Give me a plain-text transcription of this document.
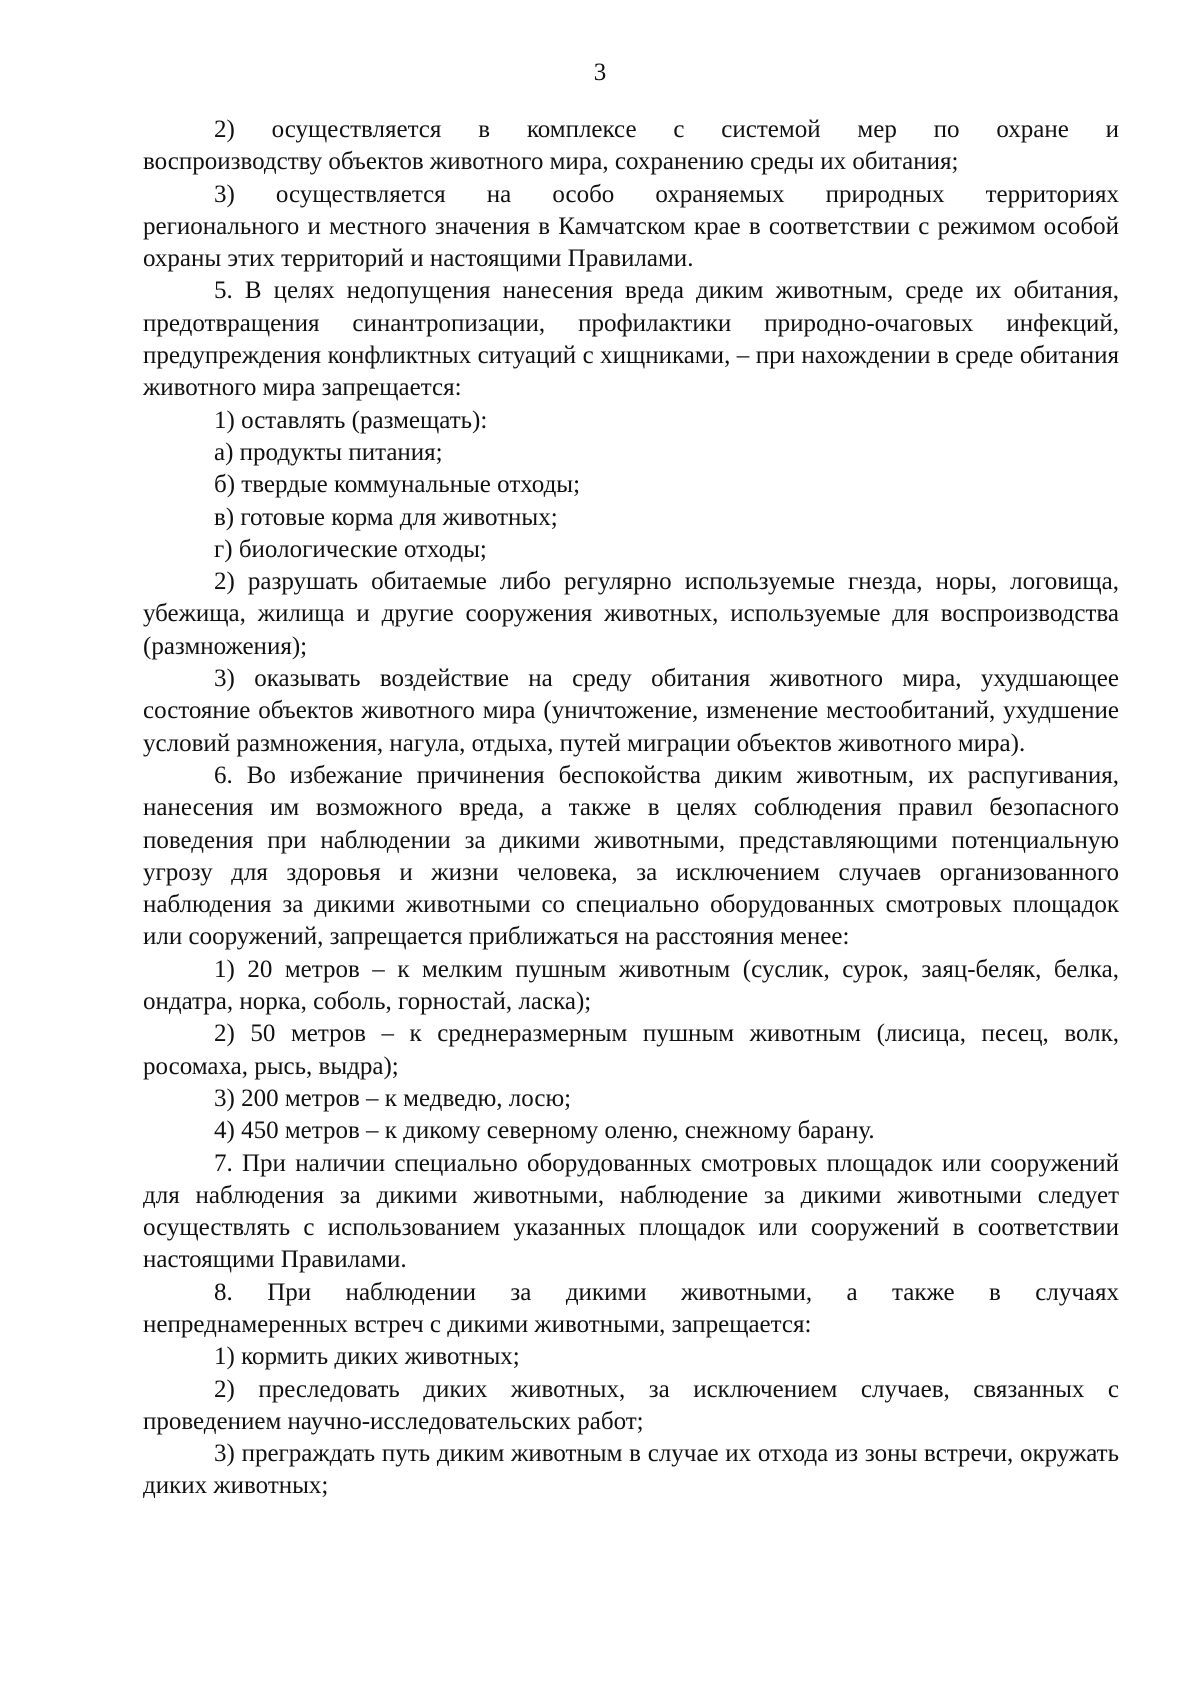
3

2) осуществляется в комплексе с системой мер по охране и

воспроизводству объектов животного мира, сохранению среды их обитания;

3) осуществляется на особо охраняемых природных территориях

регионального и местного значения в Камчатском крае в соответствии с режимом особой охраны этих территорий и настоящими Правилами.

5. В целях недопущения нанесения вреда диким животным, среде их обитания, предотвращения синантропизации, профилактики природно-очаговых инфекций, предупреждения конфликтных ситуаций с хищниками, – при нахождении в среде обитания животного мира запрещается:

1) оставлять (размещать):

а) продукты питания;

б) твердые коммунальные отходы;

в) готовые корма для животных;

г) биологические отходы;

2) разрушать обитаемые либо регулярно используемые гнезда, норы, логовища, убежища, жилища и другие сооружения животных, используемые для воспроизводства (размножения);

3) оказывать воздействие на среду обитания животного мира, ухудшающее состояние объектов животного мира (уничтожение, изменение местообитаний, ухудшение условий размножения, нагула, отдыха, путей миграции объектов животного мира).

6. Во избежание причинения беспокойства диким животным, их распугивания, нанесения им возможного вреда, а также в целях соблюдения правил безопасного поведения при наблюдении за дикими животными, представляющими потенциальную угрозу для здоровья и жизни человека, за исключением случаев организованного наблюдения за дикими животными со специально оборудованных смотровых площадок или сооружений, запрещается приближаться на расстояния менее:

1) 20 метров – к мелким пушным животным (суслик, сурок, заяц-беляк, белка, ондатра, норка, соболь, горностай, ласка);

2) 50 метров – к среднеразмерным пушным животным (лисица, песец, волк, росомаха, рысь, выдра);

3) 200 метров – к медведю, лосю;

4) 450 метров – к дикому северному оленю, снежному барану.

7. При наличии специально оборудованных смотровых площадок или сооружений для наблюдения за дикими животными, наблюдение за дикими животными следует осуществлять с использованием указанных площадок или сооружений в соответствии настоящими Правилами.

8. При наблюдении за дикими животными, а также в случаях

непреднамеренных встреч с дикими животными, запрещается:

1) кормить диких животных;

2) преследовать диких животных, за исключением случаев, связанных с проведением научно-исследовательских работ;

3) преграждать путь диким животным в случае их отхода из зоны встречи, окружать диких животных;
